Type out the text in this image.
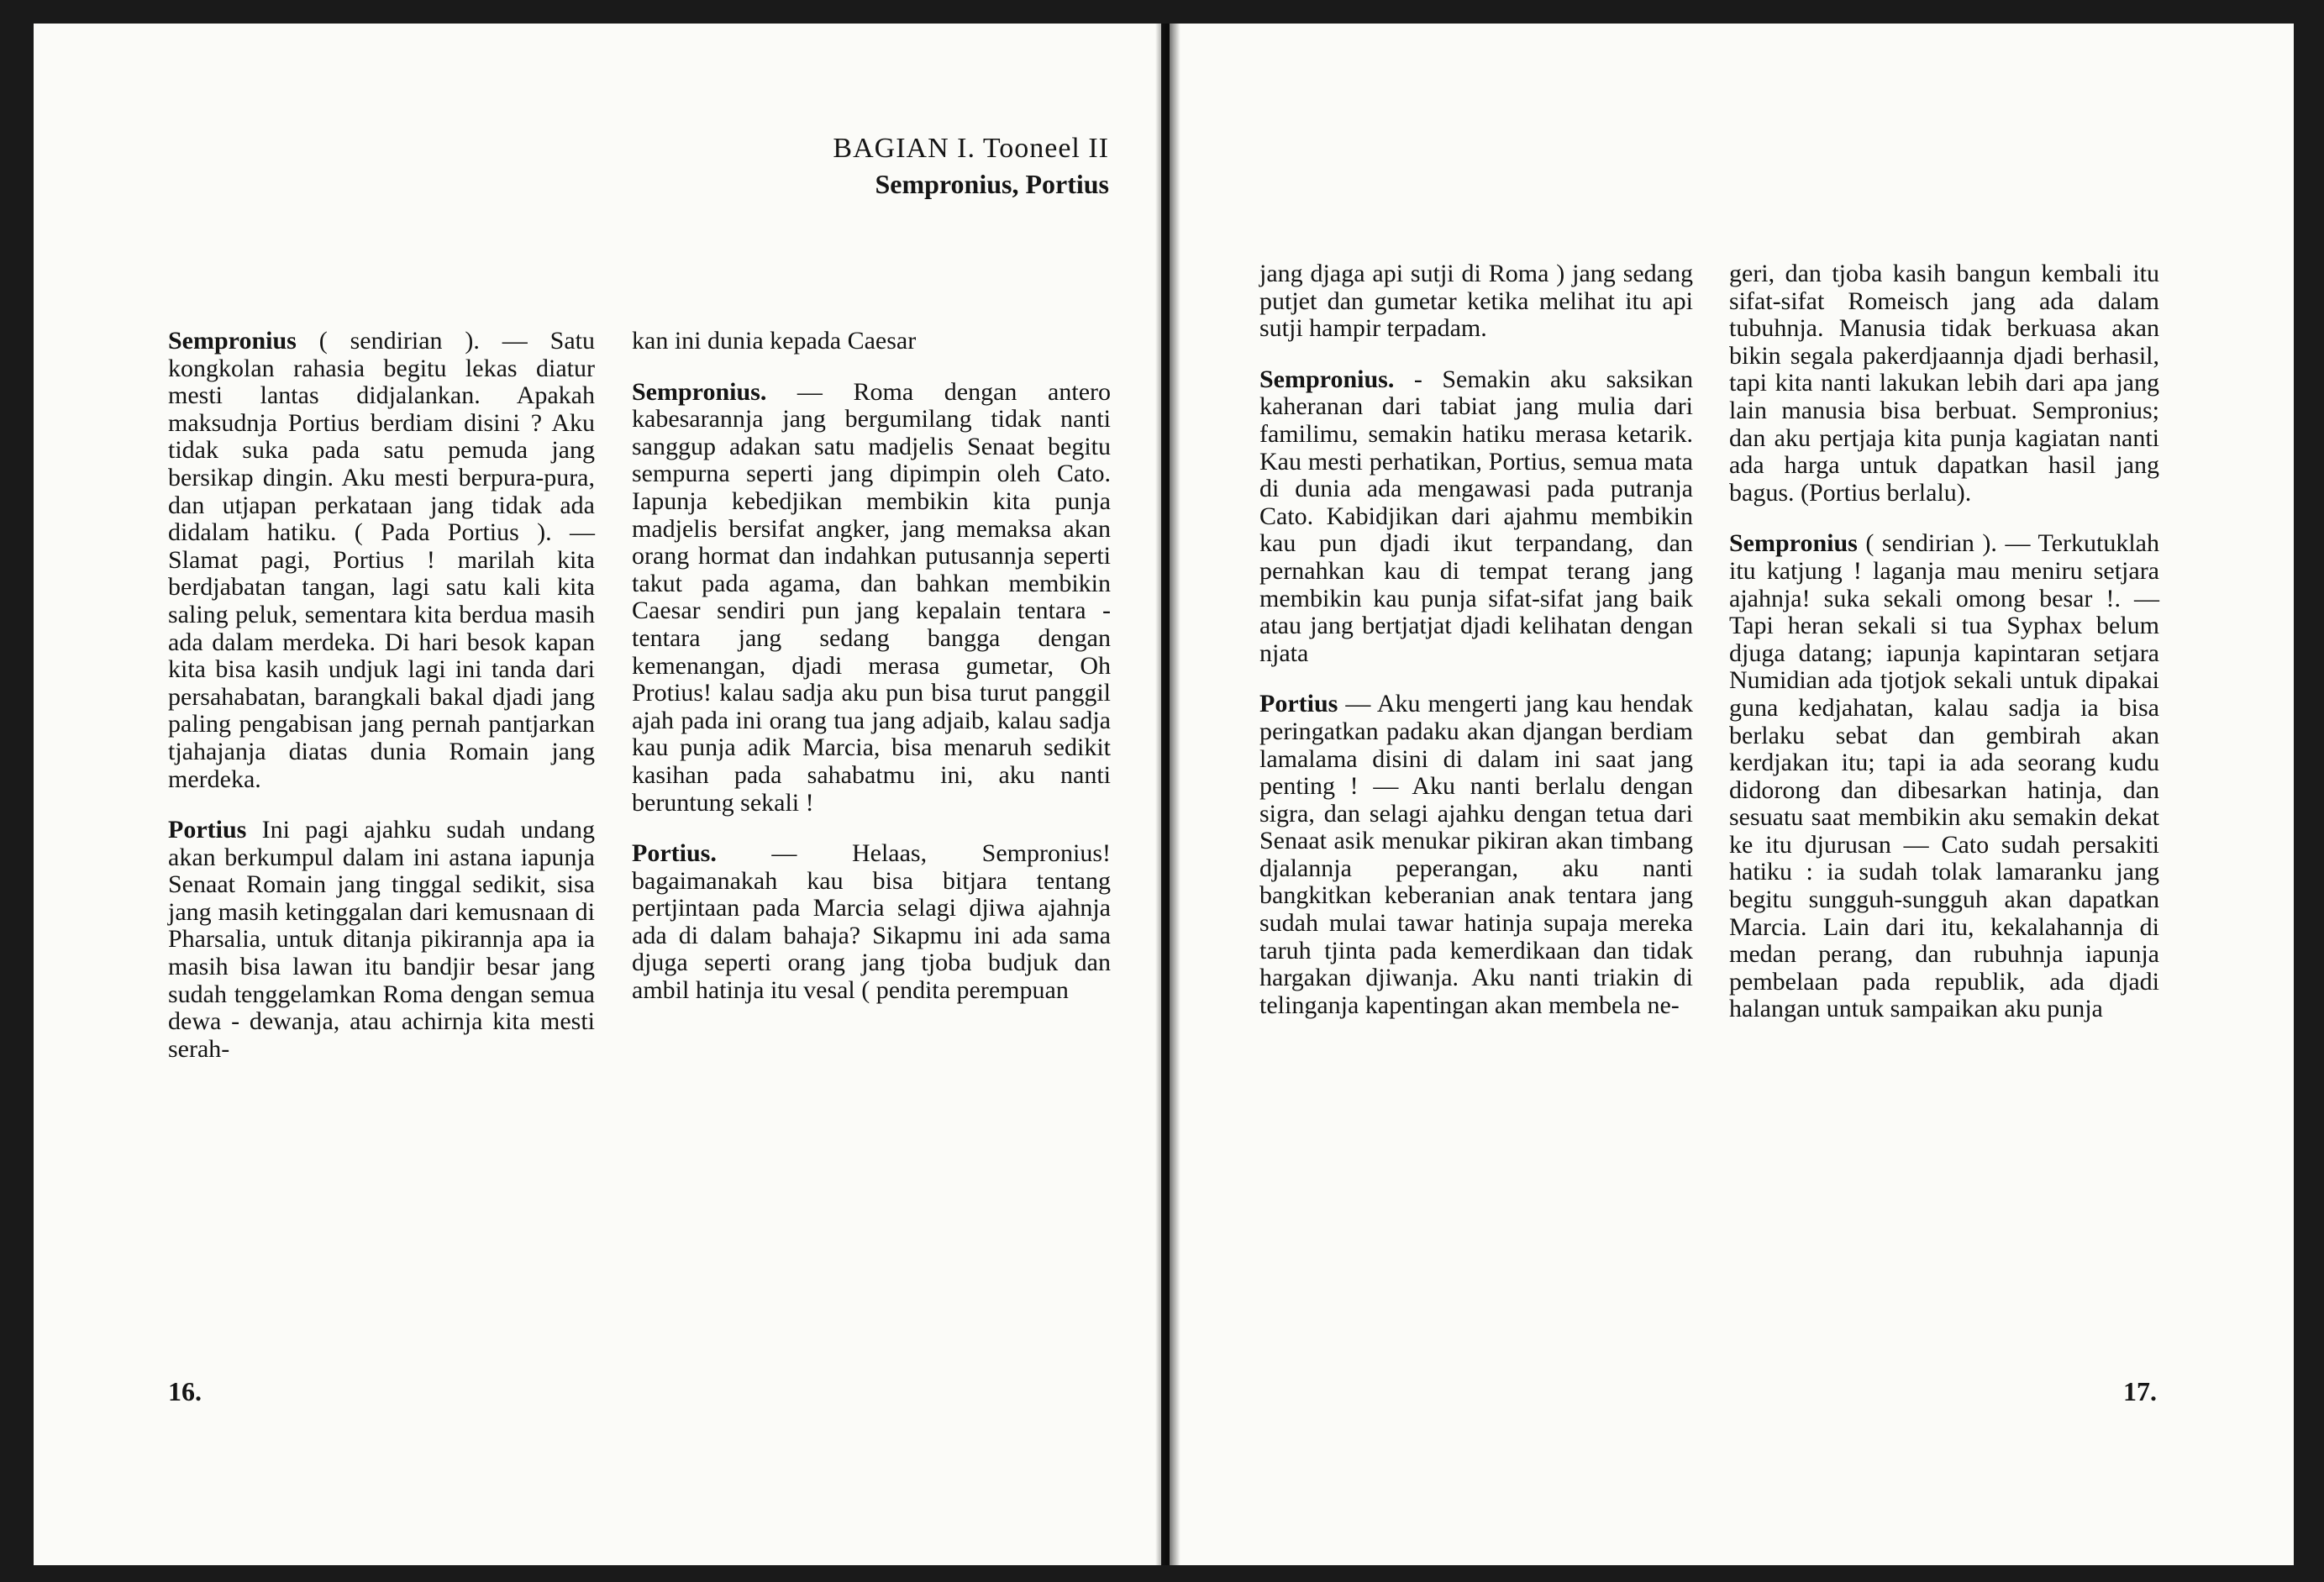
BAGIAN I. Tooneel II
Sempronius, Portius

Sempronius ( sendirian ). — Satu kongkolan rahasia begitu lekas diatur mesti lantas didjalankan. Apakah maksudnja Portius berdiam disini ? Aku tidak suka pada satu pemuda jang bersikap dingin. Aku mesti berpura-pura, dan utjapan perkataan jang tidak ada didalam hatiku. ( Pada Portius ). — Slamat pagi, Portius ! marilah kita berdjabatan tangan, lagi satu kali kita saling peluk, sementara kita berdua masih ada dalam merdeka. Di hari besok kapan kita bisa kasih undjuk lagi ini tanda dari persahabatan, barangkali bakal djadi jang paling pengabisan jang pernah pantjarkan tjahajanja diatas dunia Romain jang merdeka.

Portius Ini pagi ajahku sudah undang akan berkumpul dalam ini astana iapunja Senaat Romain jang tinggal sedikit, sisa jang masih ketinggalan dari kemusnaan di Pharsalia, untuk ditanja pikirannja apa ia masih bisa lawan itu bandjir besar jang sudah tenggelamkan Roma dengan semua dewa - dewanja, atau achirnja kita mesti serah-

kan ini dunia kepada Caesar

Sempronius. — Roma dengan antero kabesarannja jang bergumilang tidak nanti sanggup adakan satu madjelis Senaat begitu sempurna seperti jang dipimpin oleh Cato. Iapunja kebedjikan membikin kita punja madjelis bersifat angker, jang memaksa akan orang hormat dan indahkan putusannja seperti takut pada agama, dan bahkan membikin Caesar sendiri pun jang kepalain tentara - tentara jang sedang bangga dengan kemenangan, djadi merasa gumetar, Oh Protius! kalau sadja aku pun bisa turut panggil ajah pada ini orang tua jang adjaib, kalau sadja kau punja adik Marcia, bisa menaruh sedikit kasihan pada sahabatmu ini, aku nanti beruntung sekali !

Portius. — Helaas, Sempronius! bagaimanakah kau bisa bitjara tentang pertjintaan pada Marcia selagi djiwa ajahnja ada di dalam bahaja? Sikapmu ini ada sama djuga seperti orang jang tjoba budjuk dan ambil hatinja itu vesal ( pendita perempuan

16.

jang djaga api sutji di Roma ) jang sedang putjet dan gumetar ketika melihat itu api sutji hampir terpadam.

Sempronius. - Semakin aku saksikan kaheranan dari tabiat jang mulia dari familimu, semakin hatiku merasa ketarik. Kau mesti perhatikan, Portius, semua mata di dunia ada mengawasi pada putranja Cato. Kabidjikan dari ajahmu membikin kau pun djadi ikut terpandang, dan pernahkan kau di tempat terang jang membikin kau punja sifat-sifat jang baik atau jang bertjatjat djadi kelihatan dengan njata

Portius — Aku mengerti jang kau hendak peringatkan padaku akan djangan berdiam lamalama disini di dalam ini saat jang penting ! — Aku nanti berlalu dengan sigra, dan selagi ajahku dengan tetua dari Senaat asik menukar pikiran akan timbang djalannja peperangan, aku nanti bangkitkan keberanian anak tentara jang sudah mulai tawar hatinja supaja mereka taruh tjinta pada kemerdikaan dan tidak hargakan djiwanja. Aku nanti triakin di telinganja kapentingan akan membela ne-

geri, dan tjoba kasih bangun kembali itu sifat-sifat Romeisch jang ada dalam tubuhnja. Manusia tidak berkuasa akan bikin segala pakerdjaannja djadi berhasil, tapi kita nanti lakukan lebih dari apa jang lain manusia bisa berbuat. Sempronius; dan aku pertjaja kita punja kagiatan nanti ada harga untuk dapatkan hasil jang bagus. (Portius berlalu).

Sempronius ( sendirian ). — Terkutuklah itu katjung ! laganja mau meniru setjara ajahnja! suka sekali omong besar !. — Tapi heran sekali si tua Syphax belum djuga datang; iapunja kapintaran setjara Numidian ada tjotjok sekali untuk dipakai guna kedjahatan, kalau sadja ia bisa berlaku sebat dan gembirah akan kerdjakan itu; tapi ia ada seorang kudu didorong dan dibesarkan hatinja, dan sesuatu saat membikin aku semakin dekat ke itu djurusan — Cato sudah persakiti hatiku : ia sudah tolak lamaranku jang begitu sungguh-sungguh akan dapatkan Marcia. Lain dari itu, kekalahannja di medan perang, dan rubuhnja iapunja pembelaan pada republik, ada djadi halangan untuk sampaikan aku punja

17.
